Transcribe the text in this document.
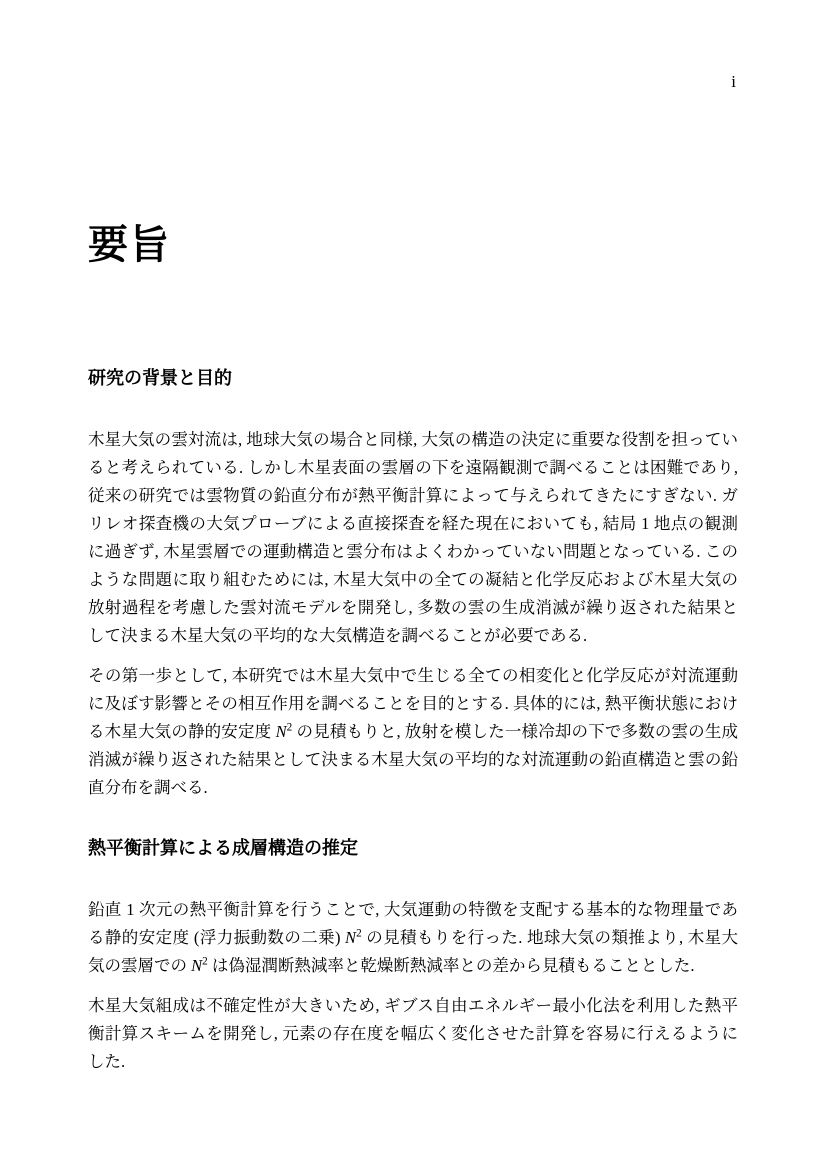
i
要旨
研究の背景と目的

木星大気の雲対流は, 地球大気の場合と同様, 大気の構造の決定に重要な役割を担っていると考えられている. しかし木星表面の雲層の下を遠隔観測で調べることは困難であり, 従来の研究では雲物質の鉛直分布が熱平衡計算によって与えられてきたにすぎない. ガリレオ探査機の大気プローブによる直接探査を経た現在においても, 結局 1 地点の観測に過ぎず, 木星雲層での運動構造と雲分布はよくわかっていない問題となっている. このような問題に取り組むためには, 木星大気中の全ての凝結と化学反応および木星大気の放射過程を考慮した雲対流モデルを開発し, 多数の雲の生成消滅が繰り返された結果として決まる木星大気の平均的な大気構造を調べることが必要である.

その第一歩として, 本研究では木星大気中で生じる全ての相変化と化学反応が対流運動に及ぼす影響とその相互作用を調べることを目的とする. 具体的には, 熱平衡状態における木星大気の静的安定度 $N^2$ の見積もりと, 放射を模した一様冷却の下で多数の雲の生成消滅が繰り返された結果として決まる木星大気の平均的な対流運動の鉛直構造と雲の鉛直分布を調べる.

熱平衡計算による成層構造の推定

鉛直 1 次元の熱平衡計算を行うことで, 大気運動の特徴を支配する基本的な物理量である静的安定度 (浮力振動数の二乗) $N^2$ の見積もりを行った. 地球大気の類推より, 木星大気の雲層での $N^2$ は偽湿潤断熱減率と乾燥断熱減率との差から見積もることとした.

木星大気組成は不確定性が大きいため, ギブス自由エネルギー最小化法を利用した熱平衡計算スキームを開発し, 元素の存在度を幅広く変化させた計算を容易に行えるようにした.
